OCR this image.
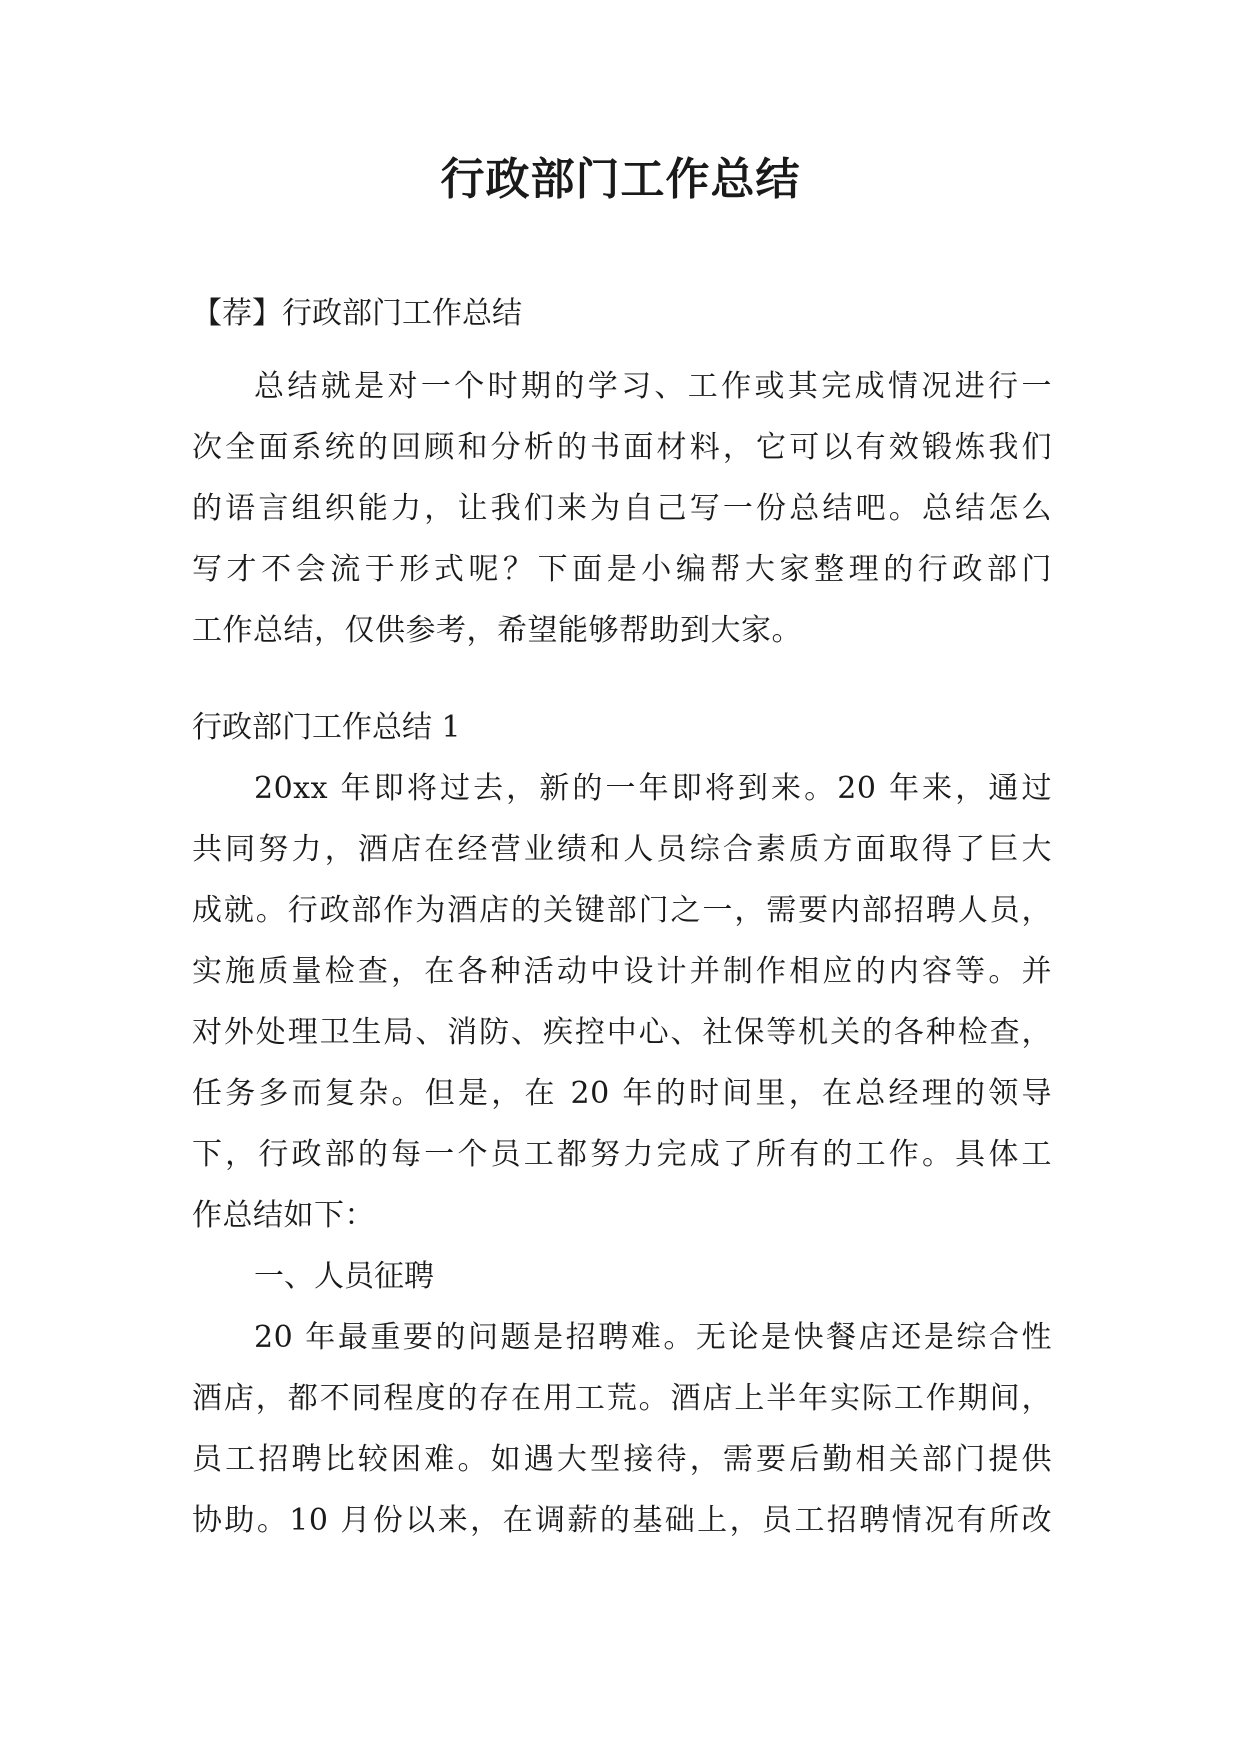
行政部门工作总结

【荐】行政部门工作总结

总结就是对一个时期的学习、工作或其完成情况进行一
次全面系统的回顾和分析的书面材料，它可以有效锻炼我们
的语言组织能力，让我们来为自己写一份总结吧。总结怎么
写才不会流于形式呢？下面是小编帮大家整理的行政部门
工作总结，仅供参考，希望能够帮助到大家。

行政部门工作总结 1

20xx 年即将过去，新的一年即将到来。20 年来，通过
共同努力，酒店在经营业绩和人员综合素质方面取得了巨大
成就。行政部作为酒店的关键部门之一，需要内部招聘人员，
实施质量检查，在各种活动中设计并制作相应的内容等。并
对外处理卫生局、消防、疾控中心、社保等机关的各种检查，
任务多而复杂。但是，在 20 年的时间里，在总经理的领导
下，行政部的每一个员工都努力完成了所有的工作。具体工
作总结如下：

一、人员征聘

20 年最重要的问题是招聘难。无论是快餐店还是综合性
酒店，都不同程度的存在用工荒。酒店上半年实际工作期间，
员工招聘比较困难。如遇大型接待，需要后勤相关部门提供
协助。10 月份以来，在调薪的基础上，员工招聘情况有所改
